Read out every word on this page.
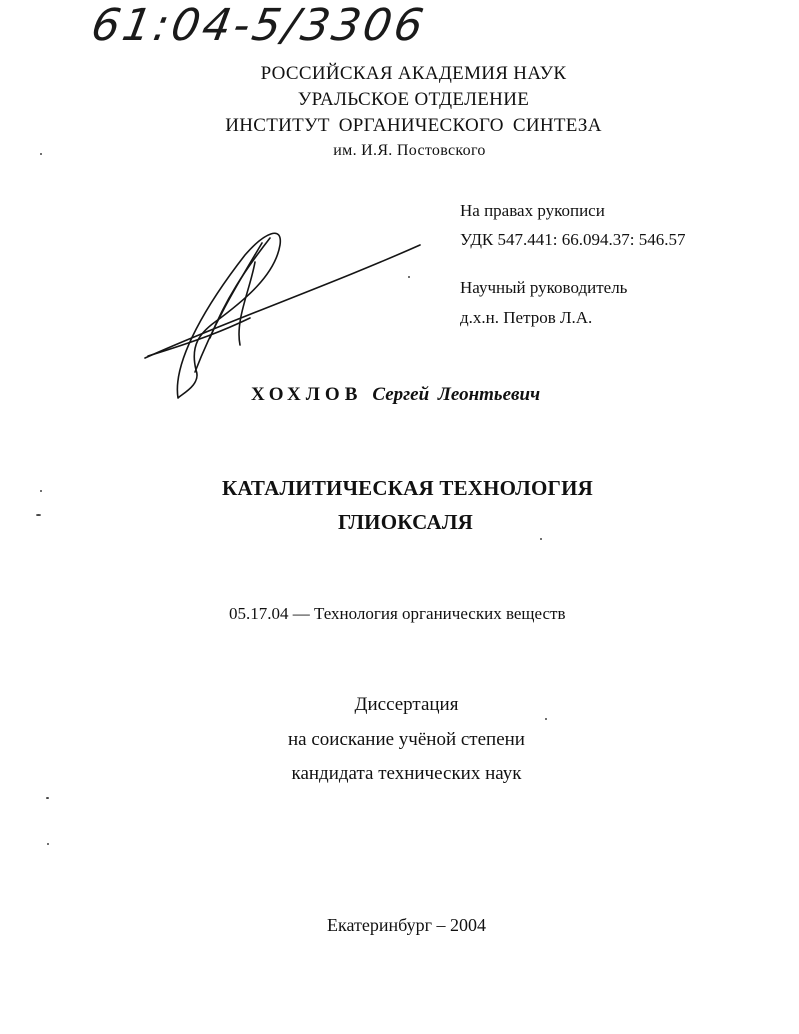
61:04-5/3306
РОССИЙСКАЯ АКАДЕМИЯ НАУК
УРАЛЬСКОЕ ОТДЕЛЕНИЕ
ИНСТИТУТ ОРГАНИЧЕСКОГО СИНТЕЗА
им. И.Я. Постовского
На правах рукописи
УДК 547.441: 66.094.37: 546.57
Научный руководитель
д.х.н. Петров Л.А.
ХОХЛОВ Сергей Леонтьевич
КАТАЛИТИЧЕСКАЯ ТЕХНОЛОГИЯ
ГЛИОКСАЛЯ
05.17.04 — Технология органических веществ
Диссертация
на соискание учёной степени
кандидата технических наук
Екатеринбург – 2004
